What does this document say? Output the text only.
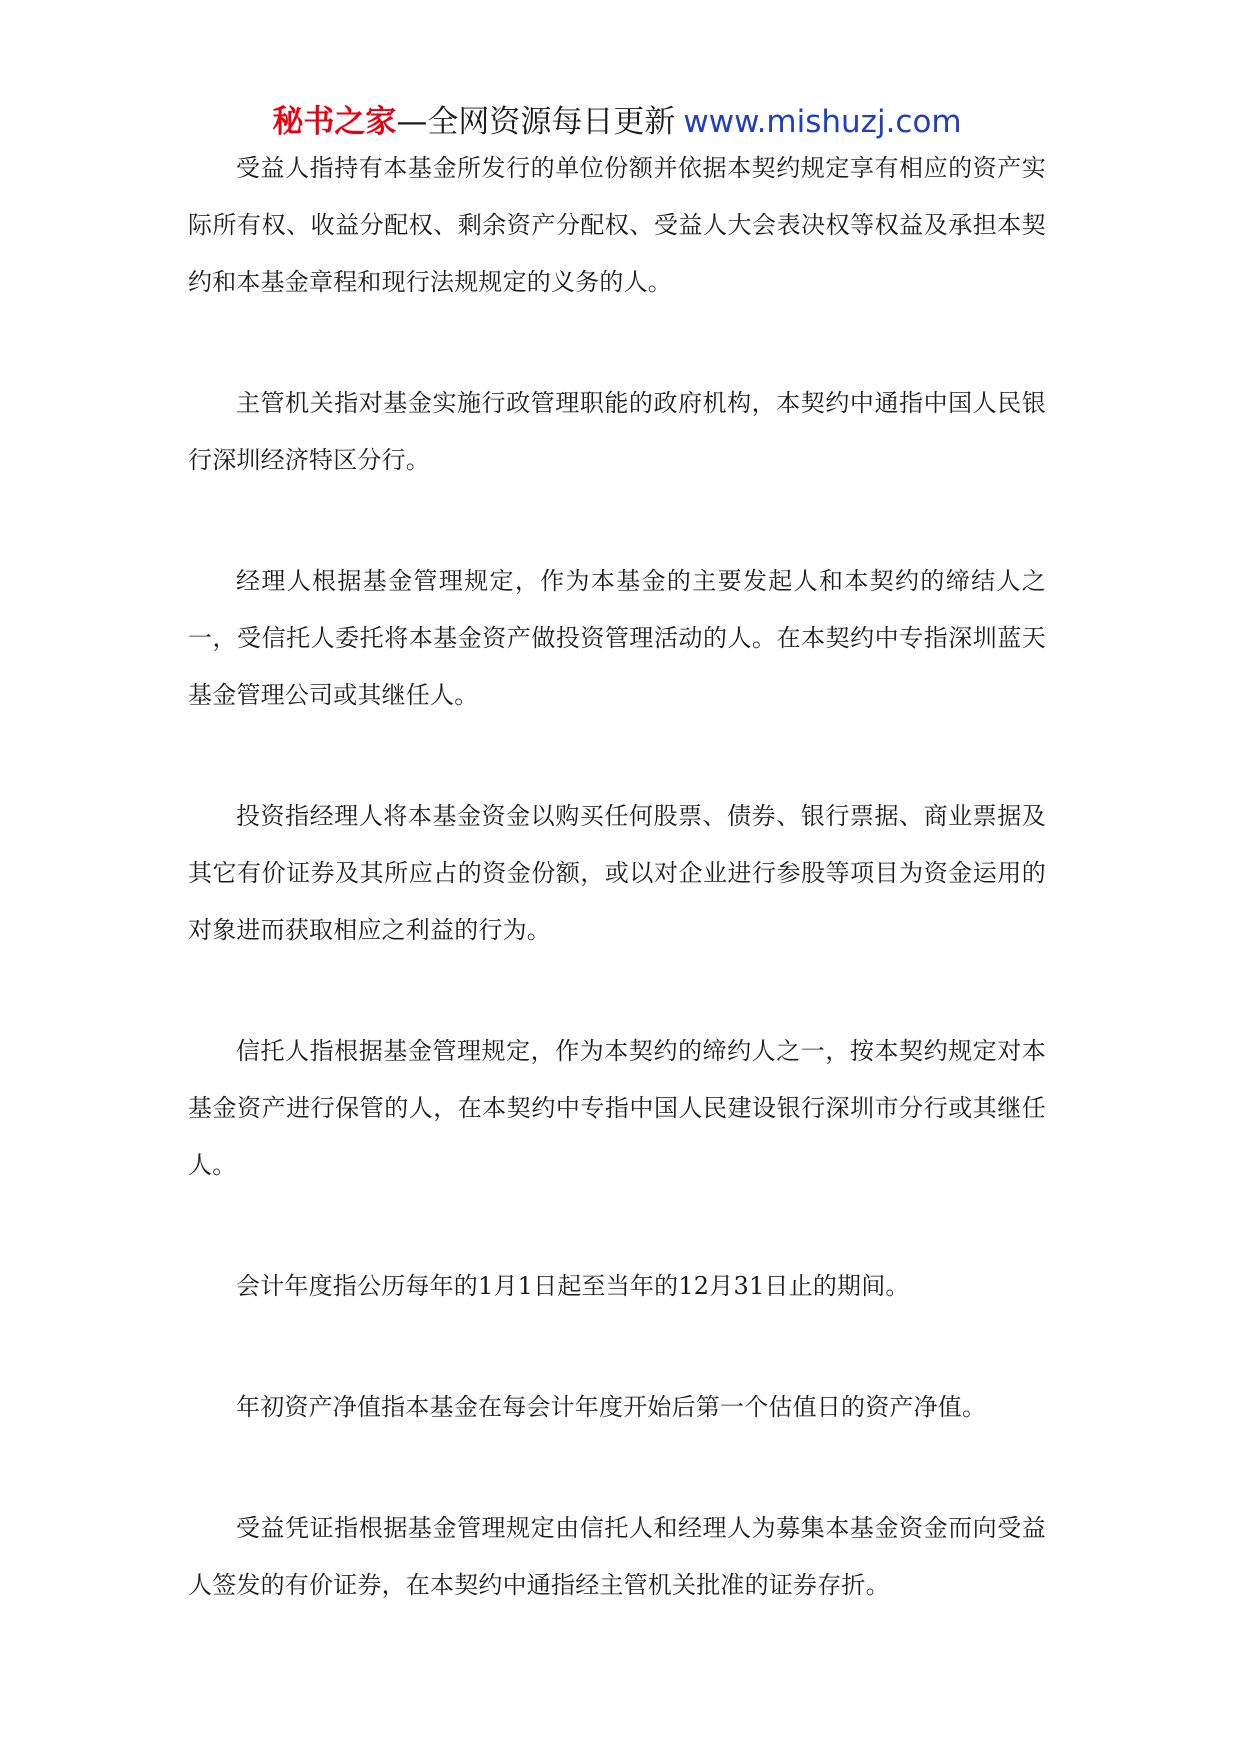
秘书之家—全网资源每日更新 www.mishuzj.com

受益人指持有本基金所发行的单位份额并依据本契约规定享有相应的资产实际所有权、收益分配权、剩余资产分配权、受益人大会表决权等权益及承担本契约和本基金章程和现行法规规定的义务的人。

主管机关指对基金实施行政管理职能的政府机构，本契约中通指中国人民银行深圳经济特区分行。

经理人根据基金管理规定，作为本基金的主要发起人和本契约的缔结人之一，受信托人委托将本基金资产做投资管理活动的人。在本契约中专指深圳蓝天基金管理公司或其继任人。

投资指经理人将本基金资金以购买任何股票、债券、银行票据、商业票据及其它有价证券及其所应占的资金份额，或以对企业进行参股等项目为资金运用的对象进而获取相应之利益的行为。

信托人指根据基金管理规定，作为本契约的缔约人之一，按本契约规定对本基金资产进行保管的人，在本契约中专指中国人民建设银行深圳市分行或其继任人。

会计年度指公历每年的1月1日起至当年的12月31日止的期间。

年初资产净值指本基金在每会计年度开始后第一个估值日的资产净值。

受益凭证指根据基金管理规定由信托人和经理人为募集本基金资金而向受益人签发的有价证券，在本契约中通指经主管机关批准的证券存折。
